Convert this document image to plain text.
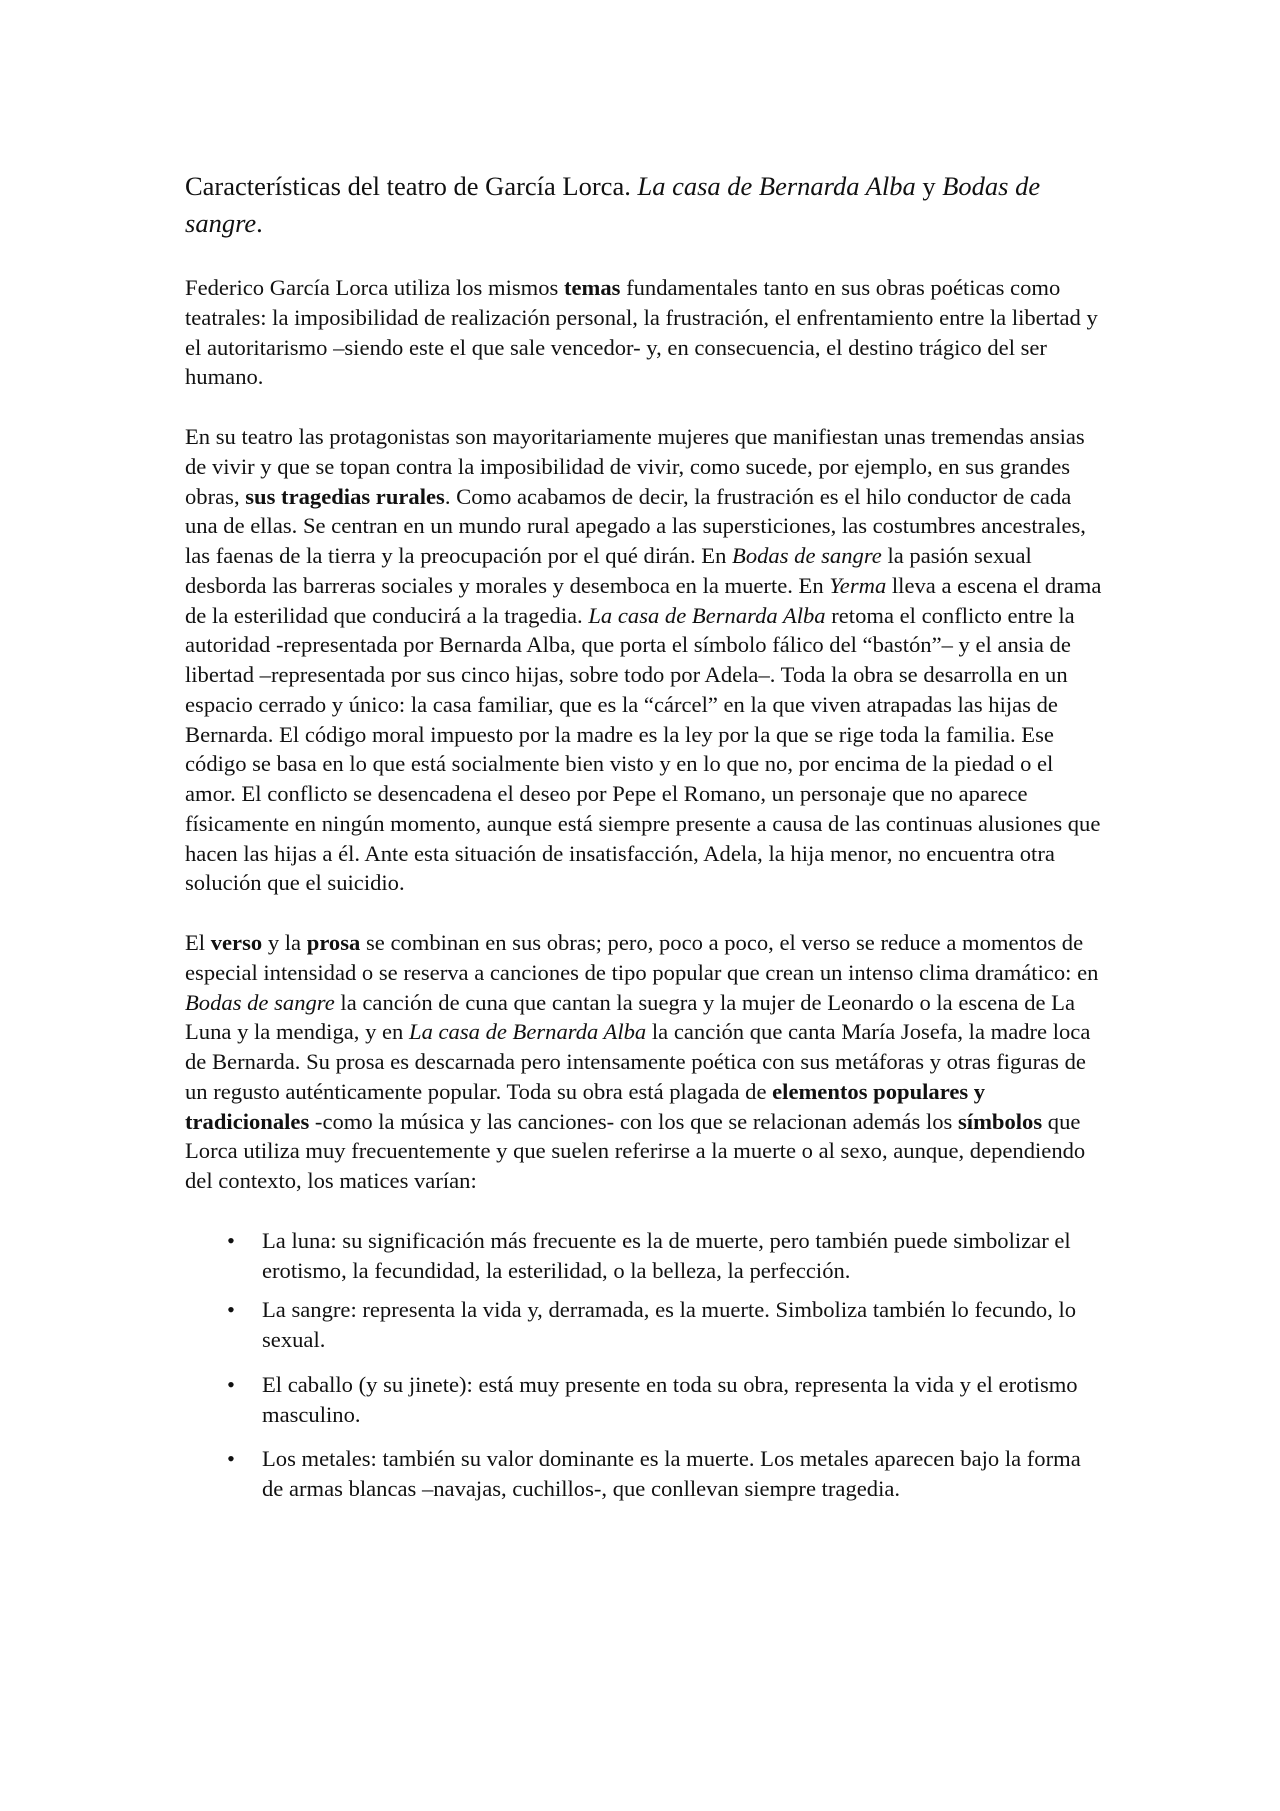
Características del teatro de García Lorca. La casa de Bernarda Alba y Bodas de sangre.

Federico García Lorca utiliza los mismos temas fundamentales tanto en sus obras poéticas como teatrales: la imposibilidad de realización personal, la frustración, el enfrentamiento entre la libertad y el autoritarismo –siendo este el que sale vencedor- y, en consecuencia, el destino trágico del ser humano.

En su teatro las protagonistas son mayoritariamente mujeres que manifiestan unas tremendas ansias de vivir y que se topan contra la imposibilidad de vivir, como sucede, por ejemplo, en sus grandes obras, sus tragedias rurales. Como acabamos de decir, la frustración es el hilo conductor de cada una de ellas. Se centran en un mundo rural apegado a las supersticiones, las costumbres ancestrales, las faenas de la tierra y la preocupación por el qué dirán. En Bodas de sangre la pasión sexual desborda las barreras sociales y morales y desemboca en la muerte. En Yerma lleva a escena el drama de la esterilidad que conducirá a la tragedia. La casa de Bernarda Alba retoma el conflicto entre la autoridad -representada por Bernarda Alba, que porta el símbolo fálico del “bastón”– y el ansia de libertad –representada por sus cinco hijas, sobre todo por Adela–. Toda la obra se desarrolla en un espacio cerrado y único: la casa familiar, que es la “cárcel” en la que viven atrapadas las hijas de Bernarda. El código moral impuesto por la madre es la ley por la que se rige toda la familia. Ese código se basa en lo que está socialmente bien visto y en lo que no, por encima de la piedad o el amor. El conflicto se desencadena el deseo por Pepe el Romano, un personaje que no aparece físicamente en ningún momento, aunque está siempre presente a causa de las continuas alusiones que hacen las hijas a él. Ante esta situación de insatisfacción, Adela, la hija menor, no encuentra otra solución que el suicidio.

El verso y la prosa se combinan en sus obras; pero, poco a poco, el verso se reduce a momentos de especial intensidad o se reserva a canciones de tipo popular que crean un intenso clima dramático: en Bodas de sangre la canción de cuna que cantan la suegra y la mujer de Leonardo o la escena de La Luna y la mendiga, y en La casa de Bernarda Alba la canción que canta María Josefa, la madre loca de Bernarda. Su prosa es descarnada pero intensamente poética con sus metáforas y otras figuras de un regusto auténticamente popular. Toda su obra está plagada de elementos populares y tradicionales -como la música y las canciones- con los que se relacionan además los símbolos que Lorca utiliza muy frecuentemente y que suelen referirse a la muerte o al sexo, aunque, dependiendo del contexto, los matices varían:

• La luna: su significación más frecuente es la de muerte, pero también puede simbolizar el erotismo, la fecundidad, la esterilidad, o la belleza, la perfección.
• La sangre: representa la vida y, derramada, es la muerte. Simboliza también lo fecundo, lo sexual.
• El caballo (y su jinete): está muy presente en toda su obra, representa la vida y el erotismo masculino.
• Los metales: también su valor dominante es la muerte. Los metales aparecen bajo la forma de armas blancas –navajas, cuchillos-, que conllevan siempre tragedia.
